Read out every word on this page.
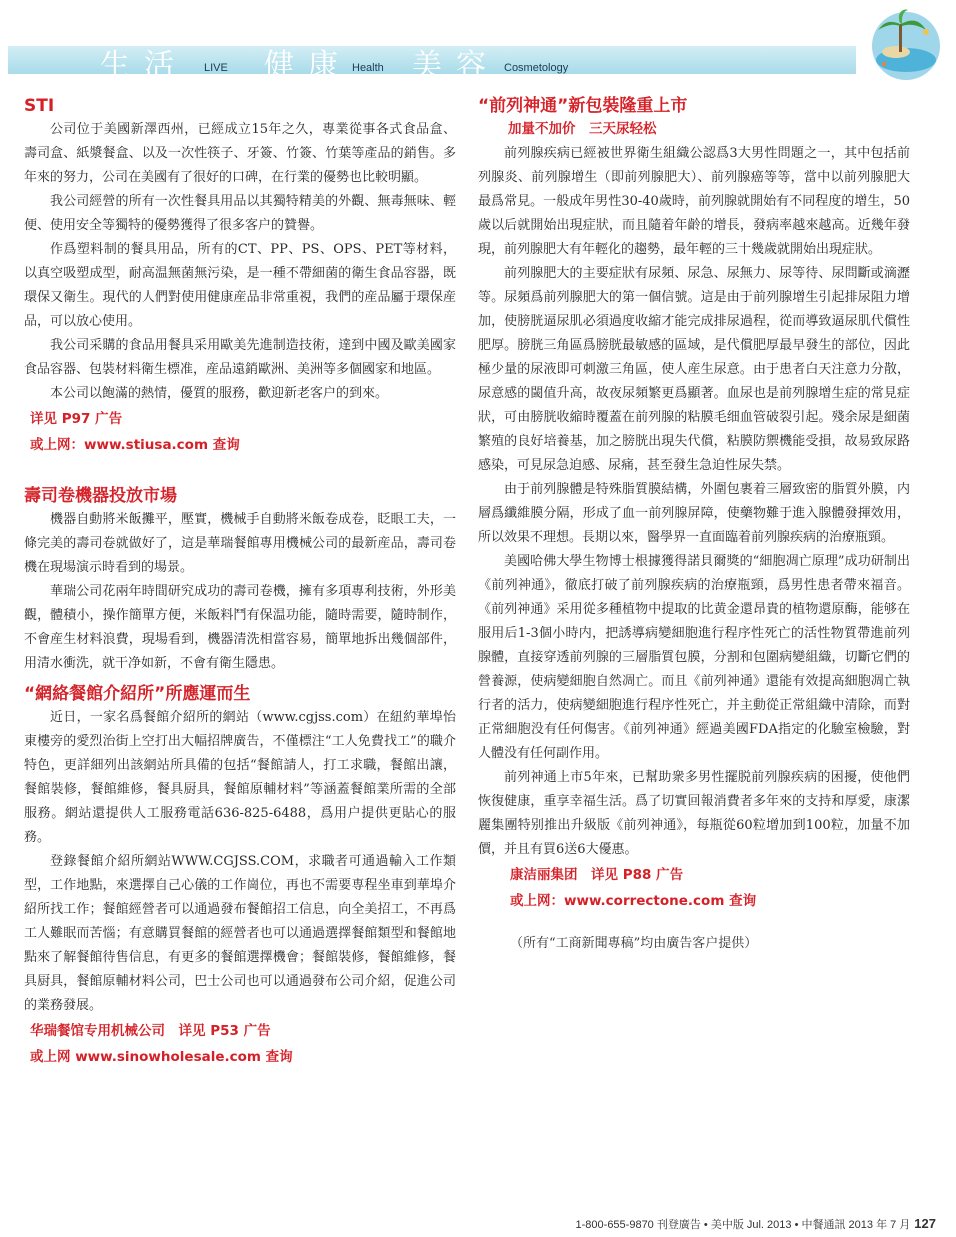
生活 LIVE 健康 Health 美容 Cosmetology
STI

公司位于美國新澤西州，已經成立15年之久，專業從事各式食品盒、壽司盒、紙漿餐盒、以及一次性筷子、牙簽、竹簽、竹葉等產品的銷售。多年來的努力，公司在美國有了很好的口碑，在行業的優勢也比較明顯。

我公司經營的所有一次性餐具用品以其獨特精美的外觀、無毒無味、輕便、使用安全等獨特的優勢獲得了很多客户的贊譽。

作爲塑料制的餐具用品，所有的CT、PP、PS、OPS、PET等材料，以真空吸塑成型，耐高温無菌無污染，是一種不帶細菌的衛生食品容器，既環保又衛生。現代的人們對使用健康産品非常重視，我們的産品屬于環保産品，可以放心使用。

我公司采購的食品用餐具采用歐美先進制造技術，達到中國及歐美國家食品容器、包裝材料衛生標准，産品遠銷歐洲、美洲等多個國家和地區。

本公司以飽滿的熱情，優質的服務，歡迎新老客户的到來。

详见 P97 广告
或上网：www.stiusa.com 查询
壽司卷機器投放市場

機器自動將米飯攤平，壓實，機械手自動將米飯卷成卷，眨眼工夫，一條完美的壽司卷就做好了，這是華瑞餐館專用機械公司的最新産品，壽司卷機在現場演示時看到的場景。

華瑞公司花兩年時間研究成功的壽司卷機，擁有多項專利技術，外形美觀，體積小，操作簡單方便，米飯料鬥有保温功能，隨時需要，隨時制作，不會産生材料浪費，現場看到，機器清洗相當容易，簡單地拆出幾個部件，用清水衝洗，就干净如新，不會有衛生隱患。

“網絡餐館介紹所”所應運而生

近日，一家名爲餐館介紹所的網站（www.cgjss.com）在紐約華埠怡東樓旁的愛烈治街上空打出大幅招牌廣告，不僅標注“工人免費找工”的職介特色，更詳細列出該網站所具備的包括“餐館請人，打工求職，餐館出讓，餐館裝修，餐館維修，餐具厨具，餐館原輔材料”等涵蓋餐館業所需的全部服務。網站還提供人工服務電話636-825-6488，爲用户提供更貼心的服務。

登錄餐館介紹所網站WWW.CGJSS.COM，求職者可通過輸入工作類型，工作地點，來選擇自己心儀的工作崗位，再也不需要専程坐車到華埠介紹所找工作；餐館經營者可以通過發布餐館招工信息，向全美招工，不再爲工人難眠而苦惱；有意購買餐館的經營者也可以通過選擇餐館類型和餐館地點來了解餐館待售信息，有更多的餐館選擇機會；餐館裝修，餐館維修，餐具厨具，餐館原輔材料公司，巴士公司也可以通過發布公司介紹，促進公司的業務發展。

华瑞餐馆专用机械公司　详见 P53 广告
或上网 www.sinowholesale.com 查询
“前列神通”新包裝隆重上市
加量不加价　三天尿轻松

前列腺疾病已經被世界衛生組織公認爲3大男性問題之一，其中包括前列腺炎、前列腺增生（即前列腺肥大）、前列腺癌等等，當中以前列腺肥大最爲常見。一般成年男性30-40歲時，前列腺就開始有不同程度的增生，50歲以后就開始出現症狀，而且隨着年齡的增長，發病率越來越高。近幾年發現，前列腺肥大有年輕化的趨勢，最年輕的三十幾歲就開始出現症狀。

前列腺肥大的主要症狀有尿頻、尿急、尿無力、尿等待、尿問斷或滴瀝等。尿頻爲前列腺肥大的第一個信號。這是由于前列腺增生引起排尿阻力增加，使膀胱逼尿肌必須過度收縮才能完成排尿過程，從而導致逼尿肌代償性肥厚。膀胱三角區爲膀胱最敏感的區域，是代償肥厚最早發生的部位，因此極少量的尿液即可刺激三角區，使人産生尿意。由于患者白天注意力分散，尿意感的閾值升高，故夜尿頻繁更爲顯著。血尿也是前列腺增生症的常見症狀，可由膀胱收縮時覆蓋在前列腺的粘膜毛细血管破裂引起。殘余尿是細菌繁殖的良好培養基，加之膀胱出現失代償，粘膜防禦機能受損，故易致尿路感染，可見尿急迫感、尿痛，甚至發生急迫性尿失禁。

由于前列腺體是特殊脂質膜結構，外圍包裹着三層致密的脂質外膜，内層爲纖維膜分隔，形成了血一前列腺屏障，使藥物難于進入腺體發揮效用，所以效果不理想。長期以來，醫學界一直面臨着前列腺疾病的治療瓶頸。

美國哈佛大學生物博士根據獲得諾貝爾獎的“細胞凋亡原理”成功研制出《前列神通》，徹底打破了前列腺疾病的治療瓶頸，爲男性患者帶來福音。《前列神通》采用從多種植物中提取的比黄金還昂貴的植物還原酶，能够在服用后1-3個小時内，把誘導病變細胞進行程序性死亡的活性物質帶進前列腺體，直接穿透前列腺的三層脂質包膜，分割和包圍病變組織，切斷它們的營養源，使病變細胞自然凋亡。而且《前列神通》還能有效提高細胞凋亡執行者的活力，使病變細胞進行程序性死亡，并主動從正常組織中清除，而對正常細胞没有任何傷害。《前列神通》經過美國FDA指定的化驗室檢驗，對人體没有任何副作用。

前列神通上市5年來，已幫助衆多男性擺脱前列腺疾病的困擾，使他們恢復健康，重享幸福生活。爲了切實回報消費者多年來的支持和厚愛，康潔麗集團特别推出升級版《前列神通》，每瓶從60粒增加到100粒，加量不加價，并且有買6送6大優惠。

康洁丽集团　详见 P88 广告
或上网：www.correctone.com 查询
（所有“工商新聞專稿”均由廣告客户提供）
1-800-655-9870 刊登廣告 • 美中版 Jul. 2013 • 中餐通訊 2013 年 7 月 127
